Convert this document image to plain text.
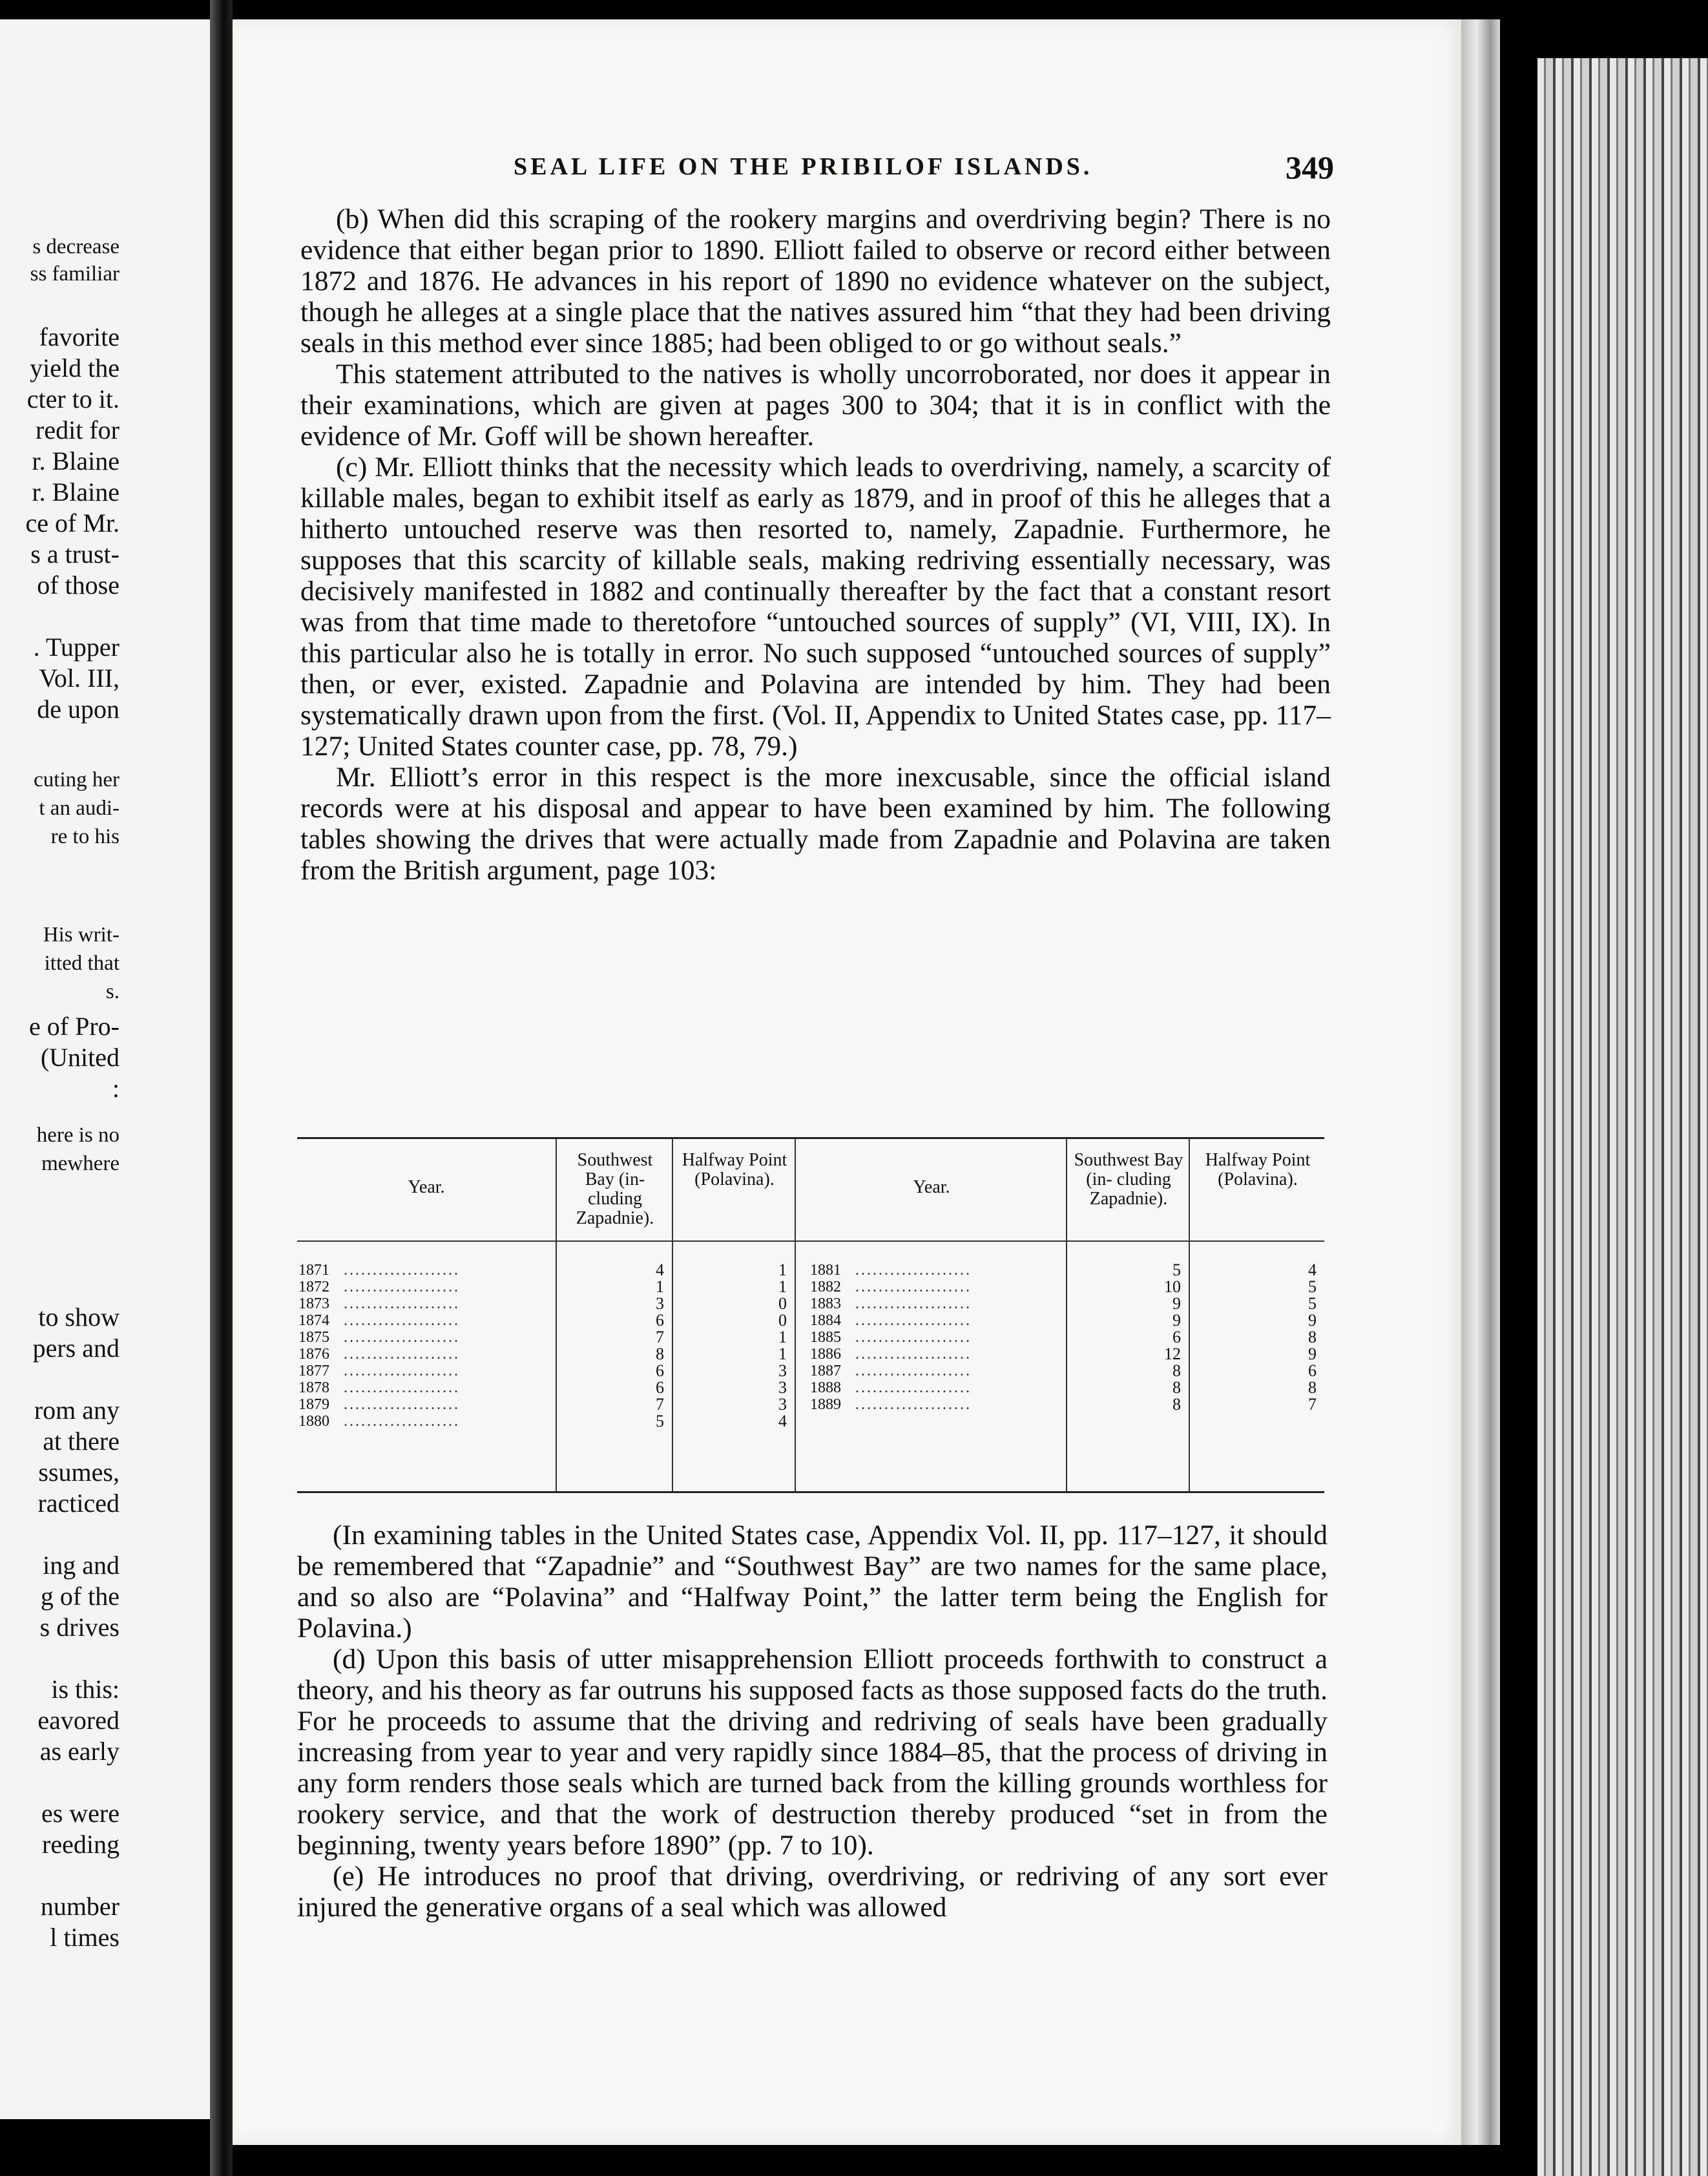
s decrease
ss familiar
favorite
yield the
cter to it.
redit for
r. Blaine
r. Blaine
ce of Mr.
s a trust-
of those
. Tupper
Vol. III,
de upon
cuting her
t an audi-
re to his
His writ-
itted that
s.
e of Pro-
(United
:
here is no
mewhere
to show
pers and
rom any
at there
ssumes,
racticed
ing and
g of the
s drives
is this:
eavored
as early
es were
reeding
number
l times
SEAL LIFE ON THE PRIBILOF ISLANDS.	349

(b) When did this scraping of the rookery margins and overdriving begin? There is no evidence that either began prior to 1890. Elliott failed to observe or record either between 1872 and 1876. He advances in his report of 1890 no evidence whatever on the subject, though he alleges at a single place that the natives assured him “that they had been driving seals in this method ever since 1885; had been obliged to or go without seals.”

This statement attributed to the natives is wholly uncorroborated, nor does it appear in their examinations, which are given at pages 300 to 304; that it is in conflict with the evidence of Mr. Goff will be shown hereafter.

(c) Mr. Elliott thinks that the necessity which leads to overdriving, namely, a scarcity of killable males, began to exhibit itself as early as 1879, and in proof of this he alleges that a hitherto untouched reserve was then resorted to, namely, Zapadnie. Furthermore, he supposes that this scarcity of killable seals, making redriving essentially necessary, was decisively manifested in 1882 and continually thereafter by the fact that a constant resort was from that time made to theretofore “untouched sources of supply” (VI, VIII, IX). In this particular also he is totally in error. No such supposed “untouched sources of supply” then, or ever, existed. Zapadnie and Polavina are intended by him. They had been systematically drawn upon from the first. (Vol. II, Appendix to United States case, pp. 117–127; United States counter case, pp. 78, 79.)

Mr. Elliott’s error in this respect is the more inexcusable, since the official island records were at his disposal and appear to have been examined by him. The following tables showing the drives that were actually made from Zapadnie and Polavina are taken from the British argument, page 103:

Year.
1871 ....................
1872 ....................
1873 ....................
1874 ....................
1875 ....................
1876 ....................
1877 ....................
1878 ....................
1879 ....................
1880 ....................
Southwest Bay (in- cluding Zapadnie).
4
1
3
6
7
8
6
6
7
5
Halfway Point (Polavina).
1
1
0
0
1
1
3
3
3
4
Year.
1881 ....................
1882 ....................
1883 ....................
1884 ....................
1885 ....................
1886 ....................
1887 ....................
1888 ....................
1889 ....................
Southwest Bay (in- cluding Zapadnie).
5
10
9
9
6
12
8
8
8
Halfway Point (Polavina).
4
5
5
9
8
9
6
8
7

(In examining tables in the United States case, Appendix Vol. II, pp. 117–127, it should be remembered that “Zapadnie” and “Southwest Bay” are two names for the same place, and so also are “Polavina” and “Halfway Point,” the latter term being the English for Polavina.)

(d) Upon this basis of utter misapprehension Elliott proceeds forthwith to construct a theory, and his theory as far outruns his supposed facts as those supposed facts do the truth. For he proceeds to assume that the driving and redriving of seals have been gradually increasing from year to year and very rapidly since 1884–85, that the process of driving in any form renders those seals which are turned back from the killing grounds worthless for rookery service, and that the work of destruction thereby produced “set in from the beginning, twenty years before 1890” (pp. 7 to 10).

(e) He introduces no proof that driving, overdriving, or redriving of any sort ever injured the generative organs of a seal which was allowed
